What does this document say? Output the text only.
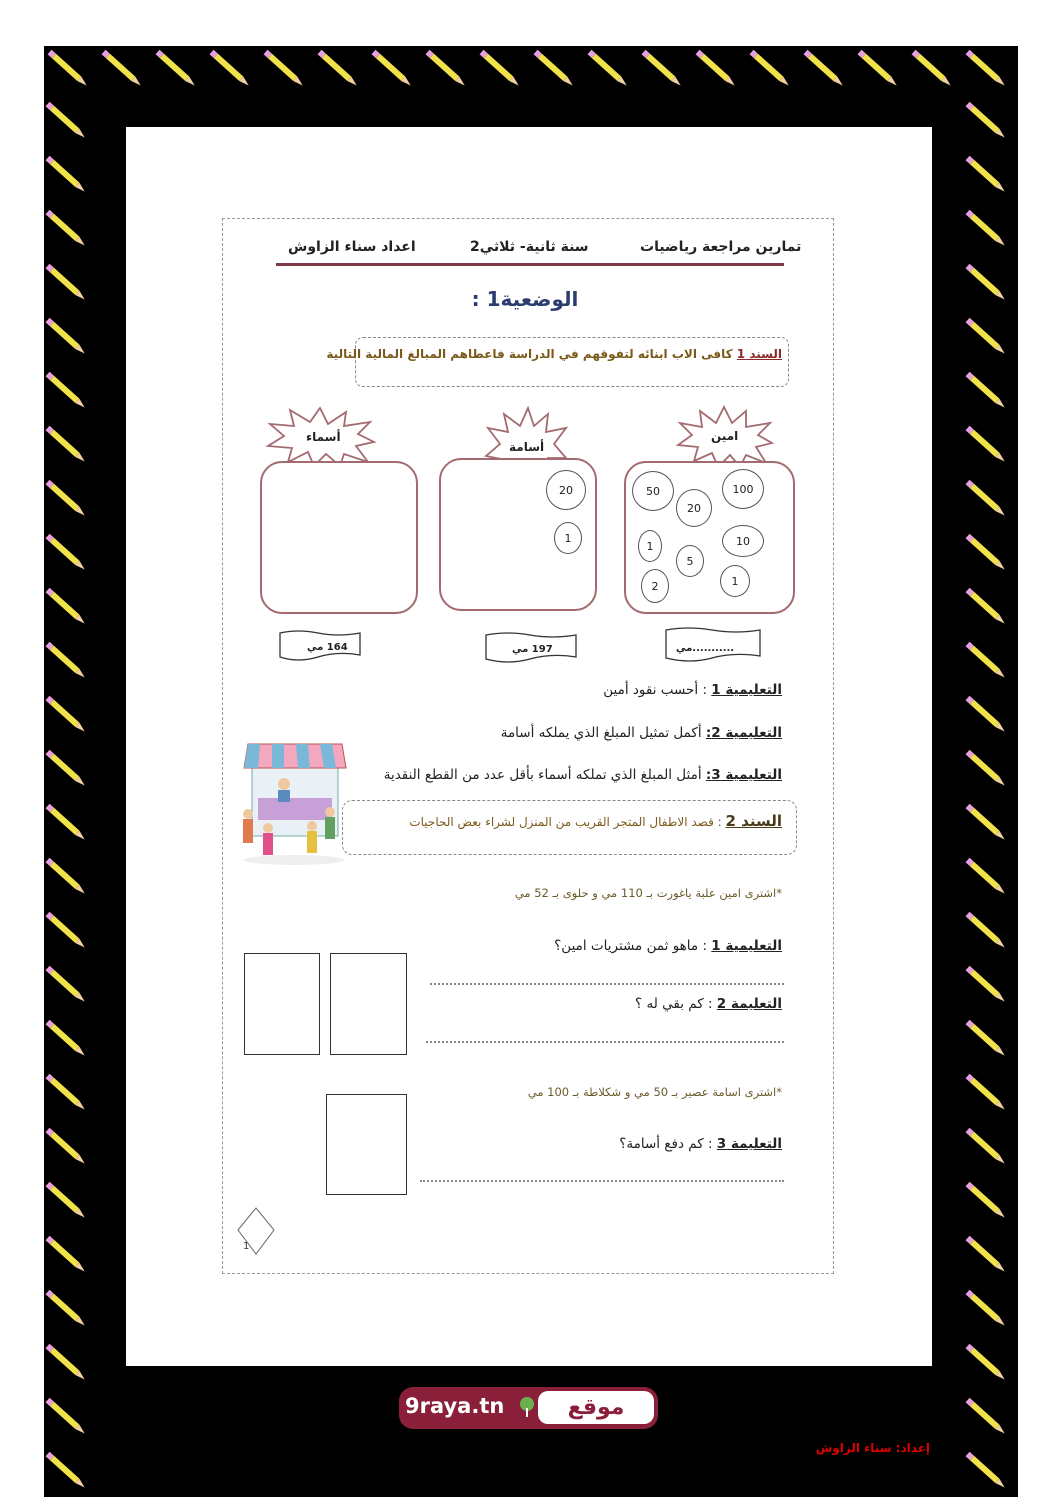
تمارين مراجعة رياضيات
سنة ثانية- ثلاثي2
اعداد سناء الزاوش
الوضعية1 :
السند 1 كافى الاب ابنائه لتفوقهم في الدراسة فاعطاهم المبالغ المالية التالية
أسماء
أسامة
امين
50	100
20
1	10
5
2	1
20
1
164 مي	197 مي	...........مي
التعليمية 1 : أحسب نقود أمين
التعليمية 2: أكمل تمثيل المبلغ الذي يملكه أسامة
التعليمية 3: أمثل المبلغ الذي تملكه أسماء بأقل عدد من القطع النقدية
السند 2 : قصد الاطفال المتجر القريب من المنزل لشراء بعض الحاجيات
*اشترى امين علبة ياغورت بـ 110 مي و حلوى بـ 52 مي
التعليمية 1 : ماهو ثمن مشتريات امين؟
التعليمة 2 : كم بقي له ؟
*اشترى اسامة عصير بـ 50 مي و شكلاطة بـ 100 مي
التعليمة 3 : كم دفع أسامة؟
1
9raya.tn	موقع
إعداد: سناء الزاوش
